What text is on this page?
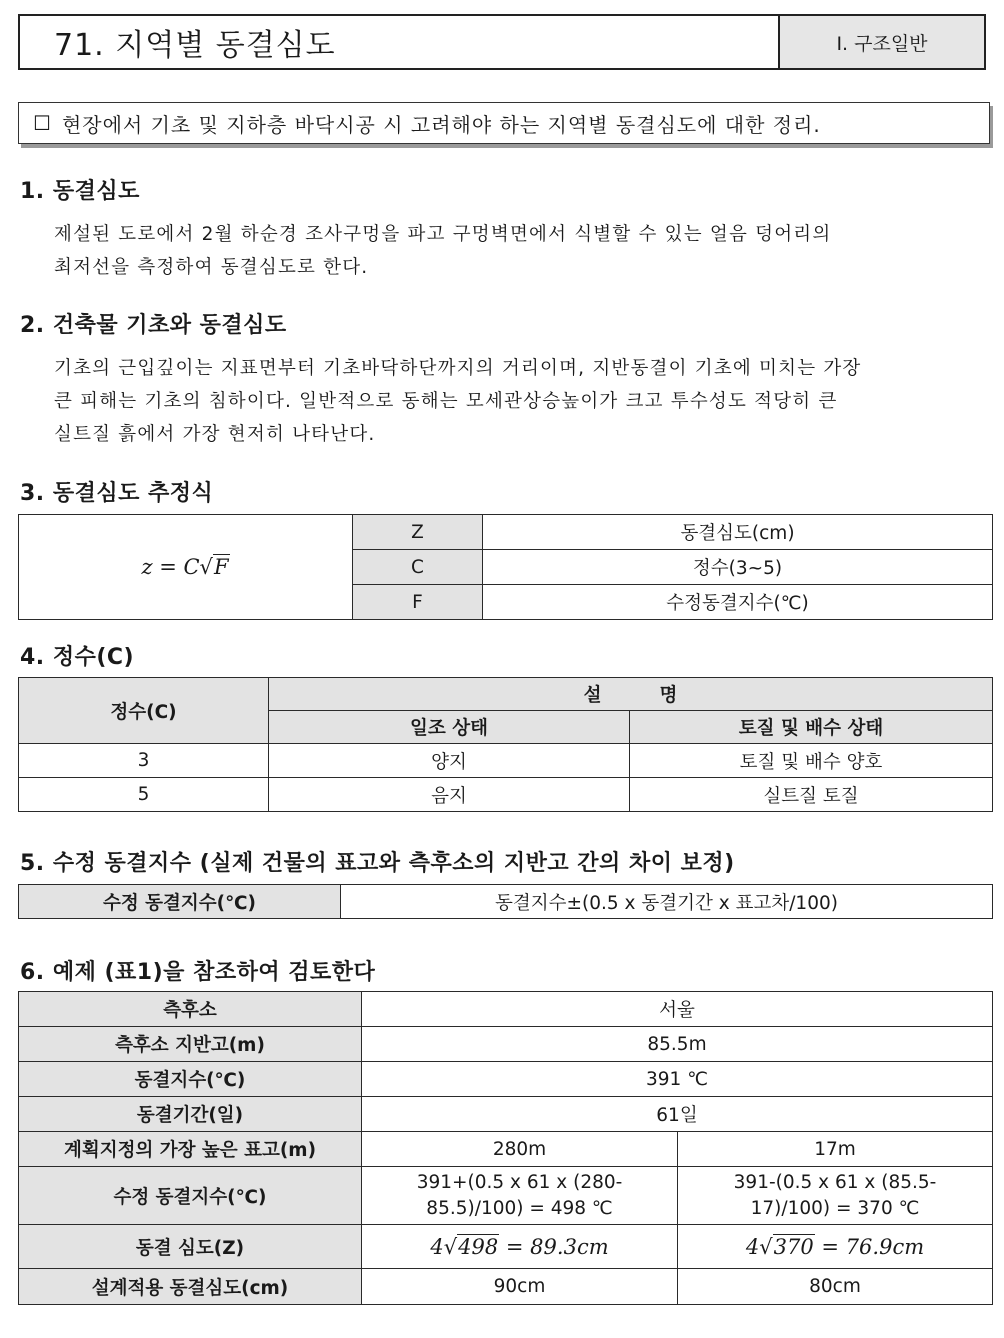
71. 지역별 동결심도	Ⅰ. 구조일반
☐ 현장에서 기초 및 지하층 바닥시공 시 고려해야 하는 지역별 동결심도에 대한 정리.
1. 동결심도
제설된 도로에서 2월 하순경 조사구멍을 파고 구멍벽면에서 식별할 수 있는 얼음 덩어리의
최저선을 측정하여 동결심도로 한다.
2. 건축물 기초와 동결심도
기초의 근입깊이는 지표면부터 기초바닥하단까지의 거리이며, 지반동결이 기초에 미치는 가장
큰 피해는 기초의 침하이다. 일반적으로 동해는 모세관상승높이가 크고 투수성도 적당히 큰
실트질 흙에서 가장 현저히 나타난다.
3. 동결심도 추정식
z = C√F	Z	동결심도(cm)
	C	정수(3~5)
	F	수정동결지수(℃)
4. 정수(C)
정수(C)	설         명	
	일조 상태	토질 및 배수 상태
3	양지	토질 및 배수 양호
5	음지	실트질 토질
5. 수정 동결지수 (실제 건물의 표고와 측후소의 지반고 간의 차이 보정)
수정 동결지수(℃)	동결지수±(0.5 x 동결기간 x 표고차/100)
6. 예제 (표1)을 참조하여 검토한다
측후소	서울	
측후소 지반고(m)	85.5m	
동결지수(℃)	391 ℃	
동결기간(일)	61일	
계획지정의 가장 높은 표고(m)	280m	17m
수정 동결지수(℃)	391+(0.5 x 61 x (280-85.5)/100) = 498 ℃	391-(0.5 x 61 x (85.5-17)/100) = 370 ℃
동결 심도(Z)	4√498 = 89.3cm	4√370 = 76.9cm
설계적용 동결심도(cm)	90cm	80cm
